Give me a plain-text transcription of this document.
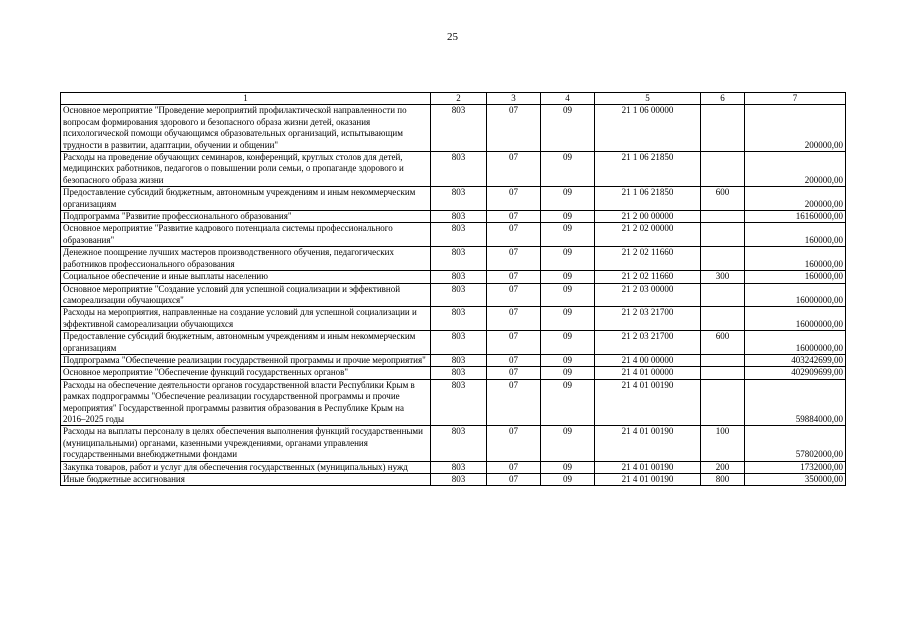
25
1	2	3	4	5	6	7
Основное мероприятие "Проведение мероприятий профилактической направленности по вопросам формирования здорового и безопасного образа жизни детей, оказания психологической помощи обучающимся образовательных организаций, испытывающим трудности в развитии, адаптации, обучении и общении"	803	07	09	21 1 06 00000		200000,00
Расходы на проведение обучающих семинаров, конференций, круглых столов для детей, медицинских работников, педагогов о повышении роли семьи, о пропаганде здорового и безопасного образа жизни	803	07	09	21 1 06 21850		200000,00
Предоставление субсидий бюджетным, автономным учреждениям и иным некоммерческим организациям	803	07	09	21 1 06 21850	600	200000,00
Подпрограмма "Развитие профессионального образования"	803	07	09	21 2 00 00000		16160000,00
Основное мероприятие "Развитие кадрового потенциала системы профессионального образования"	803	07	09	21 2 02 00000		160000,00
Денежное поощрение лучших мастеров производственного обучения, педагогических работников профессионального образования	803	07	09	21 2 02 11660		160000,00
Социальное обеспечение и иные выплаты населению	803	07	09	21 2 02 11660	300	160000,00
Основное мероприятие "Создание условий для успешной социализации и эффективной самореализации обучающихся"	803	07	09	21 2 03 00000		16000000,00
Расходы на мероприятия, направленные на создание условий для успешной социализации и эффективной самореализации обучающихся	803	07	09	21 2 03 21700		16000000,00
Предоставление субсидий бюджетным, автономным учреждениям и иным некоммерческим организациям	803	07	09	21 2 03 21700	600	16000000,00
Подпрограмма "Обеспечение реализации государственной программы и прочие мероприятия"	803	07	09	21 4 00 00000		403242699,00
Основное мероприятие "Обеспечение функций государственных органов"	803	07	09	21 4 01 00000		402909699,00
Расходы на обеспечение деятельности органов государственной власти Республики Крым в рамках подпрограммы "Обеспечение реализации государственной программы и прочие мероприятия" Государственной программы развития образования в Республике Крым на 2016–2025 годы	803	07	09	21 4 01 00190		59884000,00
Расходы на выплаты персоналу в целях обеспечения выполнения функций государственными (муниципальными) органами, казенными учреждениями, органами управления государственными внебюджетными фондами	803	07	09	21 4 01 00190	100	57802000,00
Закупка товаров, работ и услуг для обеспечения государственных (муниципальных) нужд	803	07	09	21 4 01 00190	200	1732000,00
Иные бюджетные ассигнования	803	07	09	21 4 01 00190	800	350000,00
